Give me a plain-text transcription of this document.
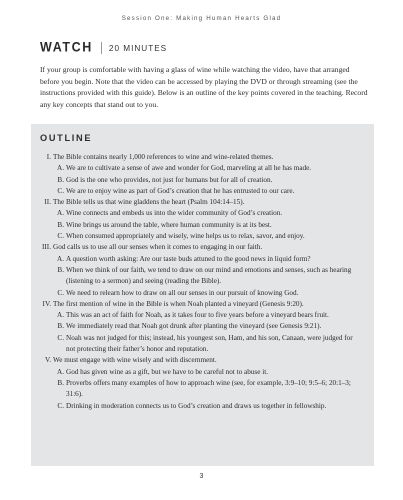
Session One: Making Human Hearts Glad
WATCH 20 MINUTES
If your group is comfortable with having a glass of wine while watching the video, have that arranged before you begin. Note that the video can be accessed by playing the DVD or through streaming (see the instructions provided with this guide). Below is an outline of the key points covered in the teaching. Record any key concepts that stand out to you.
OUTLINE
I. The Bible contains nearly 1,000 references to wine and wine-related themes.
A. We are to cultivate a sense of awe and wonder for God, marveling at all he has made.
B. God is the one who provides, not just for humans but for all of creation.
C. We are to enjoy wine as part of God’s creation that he has entrusted to our care.
II. The Bible tells us that wine gladdens the heart (Psalm 104:14–15).
A. Wine connects and embeds us into the wider community of God’s creation.
B. Wine brings us around the table, where human community is at its best.
C. When consumed appropriately and wisely, wine helps us to relax, savor, and enjoy.
III. God calls us to use all our senses when it comes to engaging in our faith.
A. A question worth asking: Are our taste buds attuned to the good news in liquid form?
B. When we think of our faith, we tend to draw on our mind and emotions and senses, such as hearing (listening to a sermon) and seeing (reading the Bible).
C. We need to relearn how to draw on all our senses in our pursuit of knowing God.
IV. The first mention of wine in the Bible is when Noah planted a vineyard (Genesis 9:20).
A. This was an act of faith for Noah, as it takes four to five years before a vineyard bears fruit.
B. We immediately read that Noah got drunk after planting the vineyard (see Genesis 9:21).
C. Noah was not judged for this; instead, his youngest son, Ham, and his son, Canaan, were judged for not protecting their father’s honor and reputation.
V. We must engage with wine wisely and with discernment.
A. God has given wine as a gift, but we have to be careful not to abuse it.
B. Proverbs offers many examples of how to approach wine (see, for example, 3:9–10; 9:5–6; 20:1–3; 31:6).
C. Drinking in moderation connects us to God’s creation and draws us together in fellowship.
3
